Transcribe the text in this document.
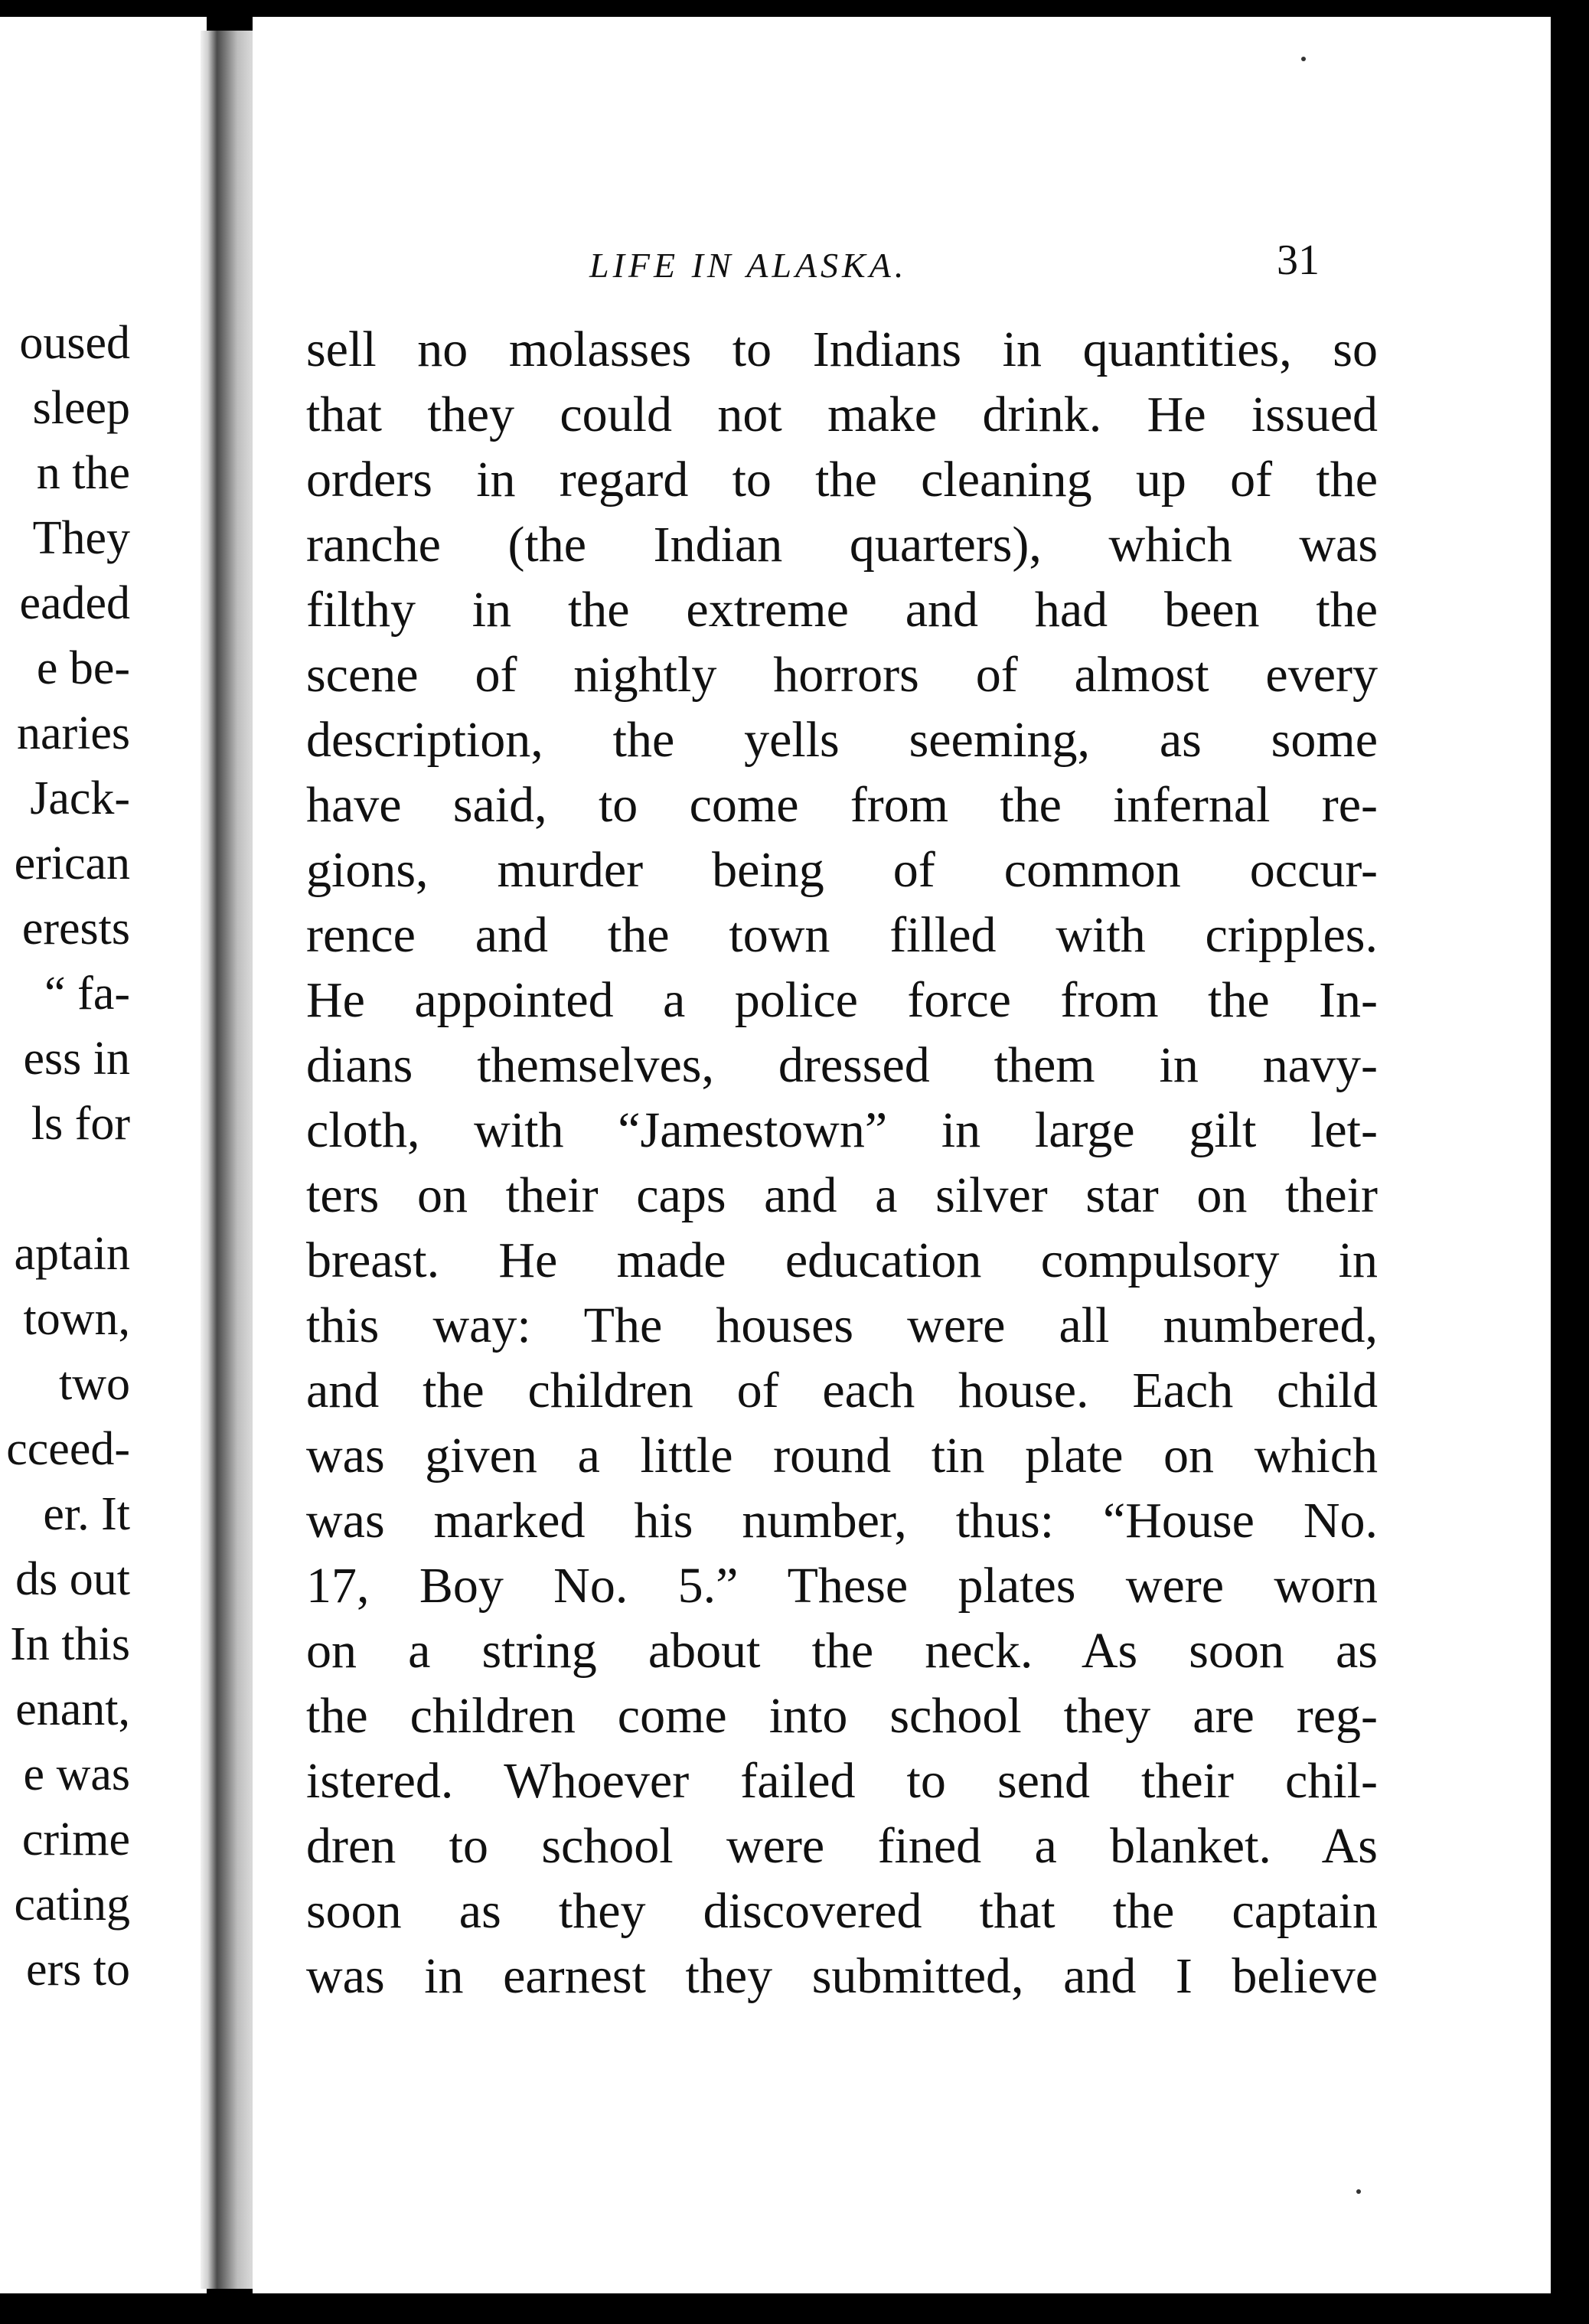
oused
sleep
n the
They
eaded
e be-
naries
Jack-
erican
erests
“ fa-
ess in
ls for
aptain
town,
two
cceed-
er. It
ds out
In this
enant,
e was
crime
cating
ers to
LIFE IN ALASKA.	31
sell no molasses to Indians in quantities, so
that they could not make drink. He issued
orders in regard to the cleaning up of the
ranche (the Indian quarters), which was
filthy in the extreme and had been the
scene of nightly horrors of almost every
description, the yells seeming, as some
have said, to come from the infernal re-
gions, murder being of common occur-
rence and the town filled with cripples.
He appointed a police force from the In-
dians themselves, dressed them in navy-
cloth, with “Jamestown” in large gilt let-
ters on their caps and a silver star on their
breast. He made education compulsory in
this way: The houses were all numbered,
and the children of each house. Each child
was given a little round tin plate on which
was marked his number, thus: “House No.
17, Boy No. 5.” These plates were worn
on a string about the neck. As soon as
the children come into school they are reg-
istered. Whoever failed to send their chil-
dren to school were fined a blanket. As
soon as they discovered that the captain
was in earnest they submitted, and I believe
